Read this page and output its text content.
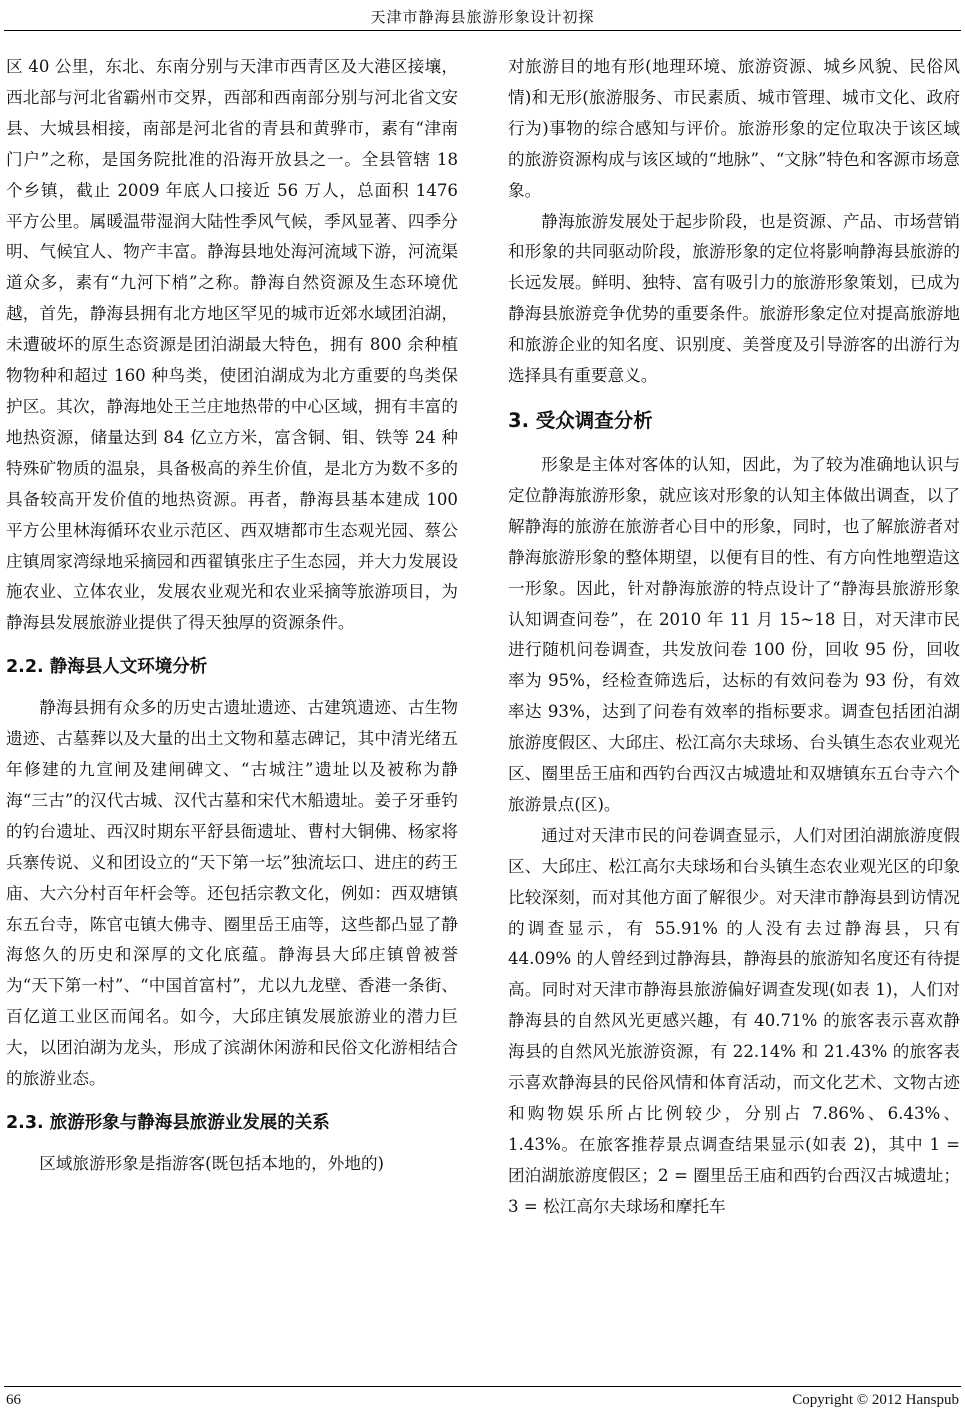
天津市静海县旅游形象设计初探

区 40 公里，东北、东南分别与天津市西青区及大港区接壤，西北部与河北省霸州市交界，西部和西南部分别与河北省文安县、大城县相接，南部是河北省的青县和黄骅市，素有“津南门户”之称，是国务院批准的沿海开放县之一。全县管辖 18 个乡镇，截止 2009 年底人口接近 56 万人，总面积 1476 平方公里。属暖温带湿润大陆性季风气候，季风显著、四季分明、气候宜人、物产丰富。静海县地处海河流域下游，河流渠道众多，素有“九河下梢”之称。静海自然资源及生态环境优越，首先，静海县拥有北方地区罕见的城市近郊水域团泊湖，未遭破坏的原生态资源是团泊湖最大特色，拥有 800 余种植物物种和超过 160 种鸟类，使团泊湖成为北方重要的鸟类保护区。其次，静海地处王兰庄地热带的中心区域，拥有丰富的地热资源，储量达到 84 亿立方米，富含铜、钼、铁等 24 种特殊矿物质的温泉，具备极高的养生价值，是北方为数不多的具备较高开发价值的地热资源。再者，静海县基本建成 100 平方公里林海循环农业示范区、西双塘都市生态观光园、蔡公庄镇周家湾绿地采摘园和西翟镇张庄子生态园，并大力发展设施农业、立体农业，发展农业观光和农业采摘等旅游项目，为静海县发展旅游业提供了得天独厚的资源条件。

2.2. 静海县人文环境分析

静海县拥有众多的历史古遗址遗迹、古建筑遗迹、古生物遗迹、古墓葬以及大量的出土文物和墓志碑记，其中清光绪五年修建的九宣闸及建闸碑文、“古城注”遗址以及被称为静海“三古”的汉代古城、汉代古墓和宋代木船遗址。姜子牙垂钓的钓台遗址、西汉时期东平舒县衙遗址、曹村大铜佛、杨家将兵寨传说、义和团设立的“天下第一坛”独流坛口、进庄的药王庙、大六分村百年杆会等。还包括宗教文化，例如：西双塘镇东五台寺，陈官屯镇大佛寺、圈里岳王庙等，这些都凸显了静海悠久的历史和深厚的文化底蕴。静海县大邱庄镇曾被誉为“天下第一村”、“中国首富村”，尤以九龙壁、香港一条街、百亿道工业区而闻名。如今，大邱庄镇发展旅游业的潜力巨大，以团泊湖为龙头，形成了滨湖休闲游和民俗文化游相结合的旅游业态。

2.3. 旅游形象与静海县旅游业发展的关系

区域旅游形象是指游客(既包括本地的，外地的)

对旅游目的地有形(地理环境、旅游资源、城乡风貌、民俗风情)和无形(旅游服务、市民素质、城市管理、城市文化、政府行为)事物的综合感知与评价。旅游形象的定位取决于该区域的旅游资源构成与该区域的“地脉”、“文脉”特色和客源市场意象。

静海旅游发展处于起步阶段，也是资源、产品、市场营销和形象的共同驱动阶段，旅游形象的定位将影响静海县旅游的长远发展。鲜明、独特、富有吸引力的旅游形象策划，已成为静海县旅游竞争优势的重要条件。旅游形象定位对提高旅游地和旅游企业的知名度、识别度、美誉度及引导游客的出游行为选择具有重要意义。

3. 受众调查分析

形象是主体对客体的认知，因此，为了较为准确地认识与定位静海旅游形象，就应该对形象的认知主体做出调查，以了解静海的旅游在旅游者心目中的形象，同时，也了解旅游者对静海旅游形象的整体期望，以便有目的性、有方向性地塑造这一形象。因此，针对静海旅游的特点设计了“静海县旅游形象认知调查问卷”，在 2010 年 11 月 15~18 日，对天津市民进行随机问卷调查，共发放问卷 100 份，回收 95 份，回收率为 95%，经检查筛选后，达标的有效问卷为 93 份，有效率达 93%，达到了问卷有效率的指标要求。调查包括团泊湖旅游度假区、大邱庄、松江高尔夫球场、台头镇生态农业观光区、圈里岳王庙和西钓台西汉古城遗址和双塘镇东五台寺六个旅游景点(区)。

通过对天津市民的问卷调查显示，人们对团泊湖旅游度假区、大邱庄、松江高尔夫球场和台头镇生态农业观光区的印象比较深刻，而对其他方面了解很少。对天津市静海县到访情况的调查显示，有 55.91% 的人没有去过静海县，只有 44.09% 的人曾经到过静海县，静海县的旅游知名度还有待提高。同时对天津市静海县旅游偏好调查发现(如表 1)，人们对静海县的自然风光更感兴趣，有 40.71% 的旅客表示喜欢静海县的自然风光旅游资源，有 22.14% 和 21.43% 的旅客表示喜欢静海县的民俗风情和体育活动，而文化艺术、文物古迹和购物娱乐所占比例较少，分别占 7.86%、6.43%、1.43%。在旅客推荐景点调查结果显示(如表 2)，其中 1 = 团泊湖旅游度假区；2 = 圈里岳王庙和西钓台西汉古城遗址；3 = 松江高尔夫球场和摩托车

66	Copyright © 2012 Hanspub
